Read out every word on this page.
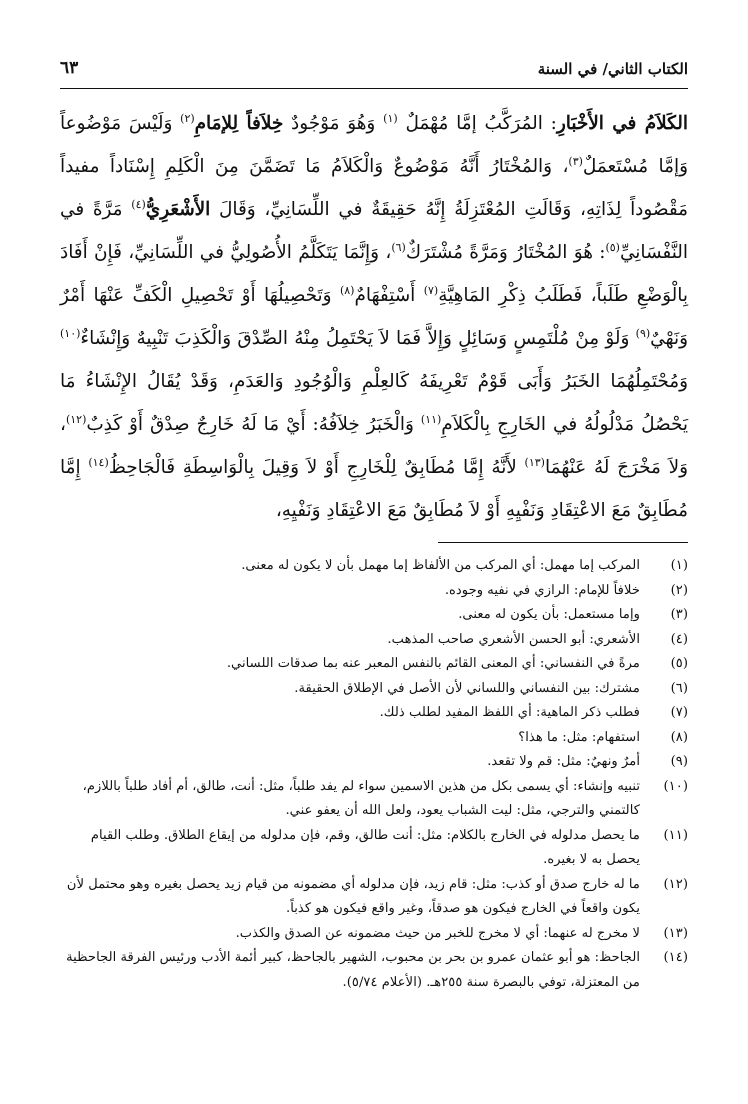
الكتاب الثاني/ في السنة
٦٣

الكَلاَمُ في الأَخْبَارِ: المُرَكَّبُ إمَّا مُهْمَلٌ $^{(١)}$ وَهُوَ مَوْجُودٌ خِلاَفاً لِلإمَامِ$^{(٢)}$ وَلَيْسَ مَوْضُوعاً وَإمَّا مُسْتَعمَلٌ$^{(٣)}$، وَالمُخْتَارُ أَنَّهُ مَوْضُوعٌ وَالْكَلاَمُ مَا تَضَمَّنَ مِنَ الْكَلِمِ إِسْنَاداً مفيداً مَقْصُوداً لِذَاتِهِ، وَقَالَتِ المُعْتَزِلَةُ إِنَّهُ حَقِيقَةٌ في اللِّسَانِيِّ، وَقَالَ الأَشْعَرِيُّ$^{(٤)}$ مَرَّةً في النَّفْسَانِيِّ$^{(٥)}$: هُوَ المُخْتَارُ وَمَرَّةً مُشْتَرَكٌ$^{(٦)}$، وَإِنَّمَا يَتَكَلَّمُ الأُصُولِيُّ في اللِّسَانِيِّ، فَإِنْ أَفَادَ بِالْوَضْعِ طَلَباً، فَطَلَبُ ذِكْرِ المَاهِيَّةِ$^{(٧)}$ أَسْتِفْهَامٌ$^{(٨)}$ وَتَحْصِيلُهَا أَوْ تَحْصِيلِ الْكَفِّ عَنْهَا أَمْرٌ وَنَهْيٌ$^{(٩)}$ وَلَوْ مِنْ مُلْتَمِسٍ وَسَائِلٍ وَإِلاَّ فَمَا لاَ يَحْتَمِلُ مِنْهُ الصِّدْقَ وَالْكَذِبَ تَنْبِيهٌ وَإِنْشَاءٌ$^{(١٠)}$ وَمُحْتَمِلُهُمَا الخَبَرُ وَأَبَى قَوْمٌ تَعْرِيفَهُ كَالعِلْمِ وَالْوُجُودِ وَالعَدَمِ، وَقَدْ يُقَالُ الإِنْشَاءُ مَا يَحْصُلُ مَدْلُولُهُ في الخَارِجِ بِالْكَلاَمِ$^{(١١)}$ وَالْخَبَرُ خِلاَفُهُ: أَيْ مَا لَهُ خَارِجٌ صِدْقٌ أَوْ كَذِبٌ$^{(١٢)}$، وَلاَ مَخْرَجَ لَهُ عَنْهُمَا$^{(١٣)}$ لأَنَّهُ إِمَّا مُطَابِقٌ لِلْخَارِجِ أَوْ لاَ وَقِيلَ بِالْوَاسِطَةِ فَالْجَاحِظُ$^{(١٤)}$ إِمَّا مُطَابِقٌ مَعَ الاعْتِقَادِ وَنَفْيِهِ أَوْ لاَ مُطَابِقٌ مَعَ الاعْتِقَادِ وَنَفْيِهِ،

(١)
المركب إما مهمل: أي المركب من الألفاظ إما مهمل بأن لا يكون له معنى.

(٢)
خلافاً للإمام: الرازي في نفيه وجوده.

(٣)
وإما مستعمل: بأن يكون له معنى.

(٤)
الأشعري: أبو الحسن الأشعري صاحب المذهب.

(٥)
مرةً في النفساني: أي المعنى القائم بالنفس المعبر عنه بما صدقات اللساني.

(٦)
مشترك: بين النفساني واللساني لأن الأصل في الإطلاق الحقيقة.

(٧)
فطلب ذكر الماهية: أي اللفظ المفيد لطلب ذلك.

(٨)
استفهام: مثل: ما هذا؟

(٩)
أمرٌ ونهيٌ: مثل: قم ولا تقعد.

(١٠)
تنبيه وإنشاء: أي يسمى بكل من هذين الاسمين سواء لم يفد طلباً، مثل: أنت، طالق، أم أفاد طلباً باللازم، كالتمني والترجي، مثل: ليت الشباب يعود، ولعل الله أن يعفو عني.

(١١)
ما يحصل مدلوله في الخارج بالكلام: مثل: أنت طالق، وقم، فإن مدلوله من إيقاع الطلاق. وطلب القيام يحصل به لا بغيره.

(١٢)
ما له خارج صدق أو كذب: مثل: قام زيد، فإن مدلوله أي مضمونه من قيام زيد يحصل بغيره وهو محتمل لأن يكون واقعاً في الخارج فيكون هو صدقاً، وغير واقع فيكون هو كذباً.

(١٣)
لا مخرج له عنهما: أي لا مخرج للخبر من حيث مضمونه عن الصدق والكذب.

(١٤)
الجاحظ: هو أبو عثمان عمرو بن بحر بن محبوب، الشهير بالجاحظ، كبير أئمة الأدب ورئيس الفرقة الجاحظية من المعتزلة، توفي بالبصرة سنة ٢٥٥هـ. (الأعلام ٥/٧٤).
